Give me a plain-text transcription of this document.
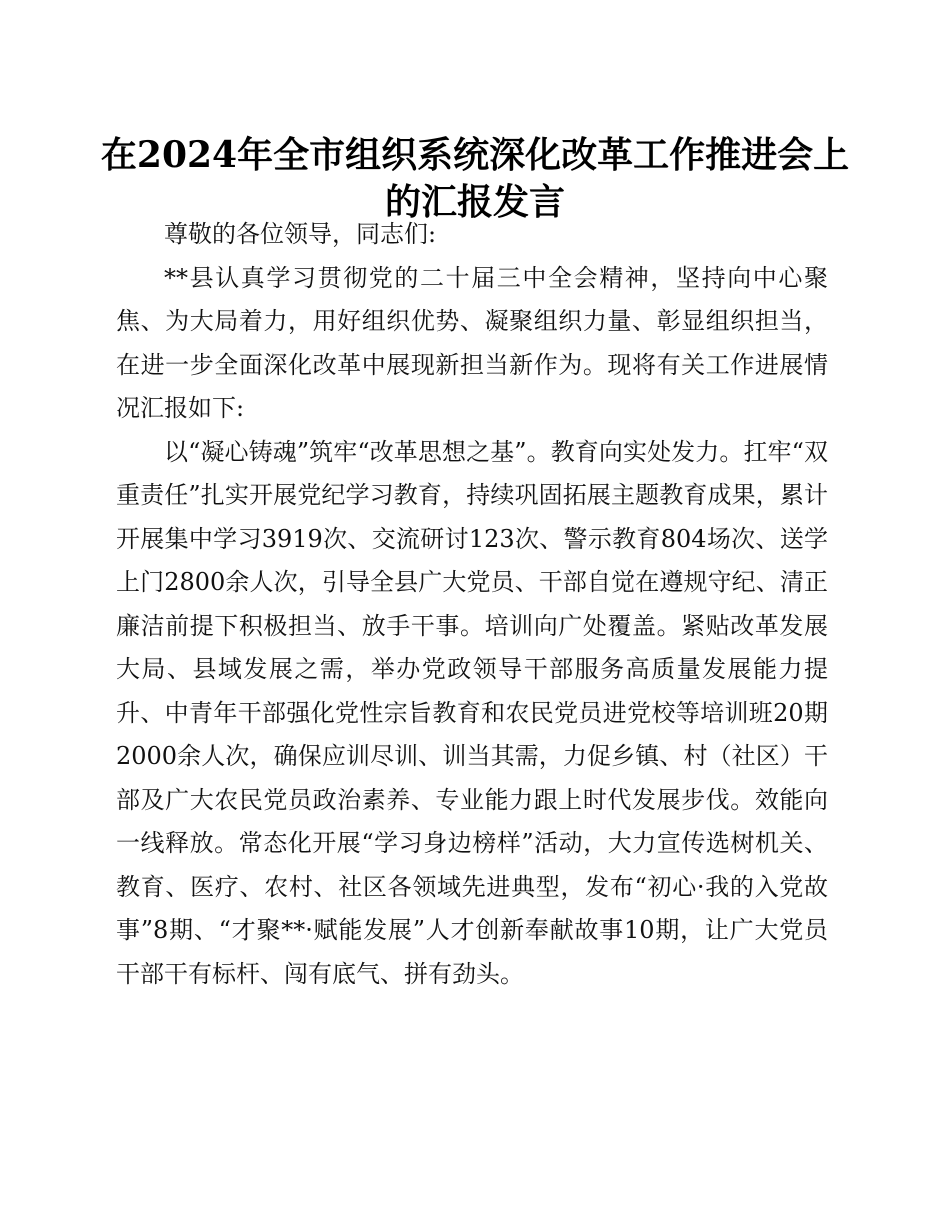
在2024年全市组织系统深化改革工作推进会上的汇报发言

尊敬的各位领导，同志们:

**县认真学习贯彻党的二十届三中全会精神，坚持向中心聚焦、为大局着力，用好组织优势、凝聚组织力量、彰显组织担当，在进一步全面深化改革中展现新担当新作为。现将有关工作进展情况汇报如下:

以“凝心铸魂”筑牢“改革思想之基”。教育向实处发力。扛牢“双重责任”扎实开展党纪学习教育，持续巩固拓展主题教育成果，累计开展集中学习3919次、交流研讨123次、警示教育804场次、送学上门2800余人次，引导全县广大党员、干部自觉在遵规守纪、清正廉洁前提下积极担当、放手干事。培训向广处覆盖。紧贴改革发展大局、县域发展之需，举办党政领导干部服务高质量发展能力提升、中青年干部强化党性宗旨教育和农民党员进党校等培训班20期2000余人次，确保应训尽训、训当其需，力促乡镇、村（社区）干部及广大农民党员政治素养、专业能力跟上时代发展步伐。效能向一线释放。常态化开展“学习身边榜样”活动，大力宣传选树机关、教育、医疗、农村、社区各领域先进典型，发布“初心·我的入党故事”8期、“才聚**·赋能发展”人才创新奉献故事10期，让广大党员干部干有标杆、闯有底气、拼有劲头。
